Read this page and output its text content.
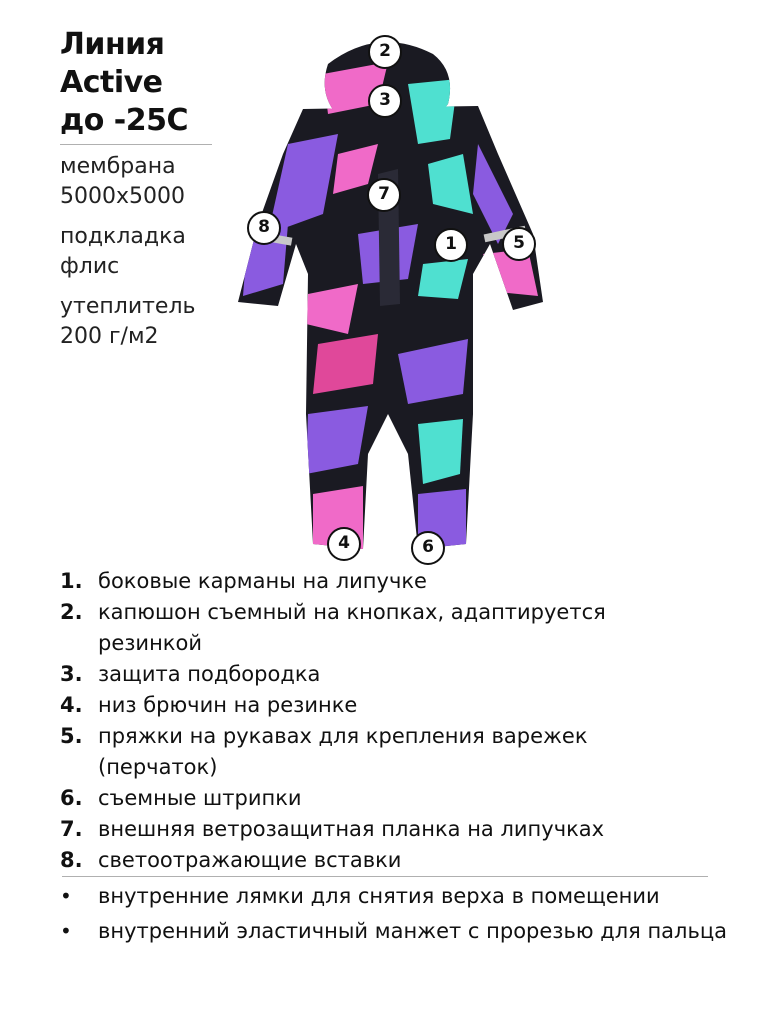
Линия
Active
до -25С
мембрана
5000х5000
подкладка
флис
утеплитель
200 г/м2
2
3
7
8
1	5
4	6
1. боковые карманы на липучке
2. капюшон съемный на кнопках, адаптируется резинкой
3. защита подбородка
4. низ брючин на резинке
5. пряжки на рукавах для крепления варежек (перчаток)
6. съемные штрипки
7. внешняя ветрозащитная планка на липучках
8. светоотражающие вставки
•	внутренние лямки для снятия верха в помещении
•	внутренний эластичный манжет с прорезью для пальца
